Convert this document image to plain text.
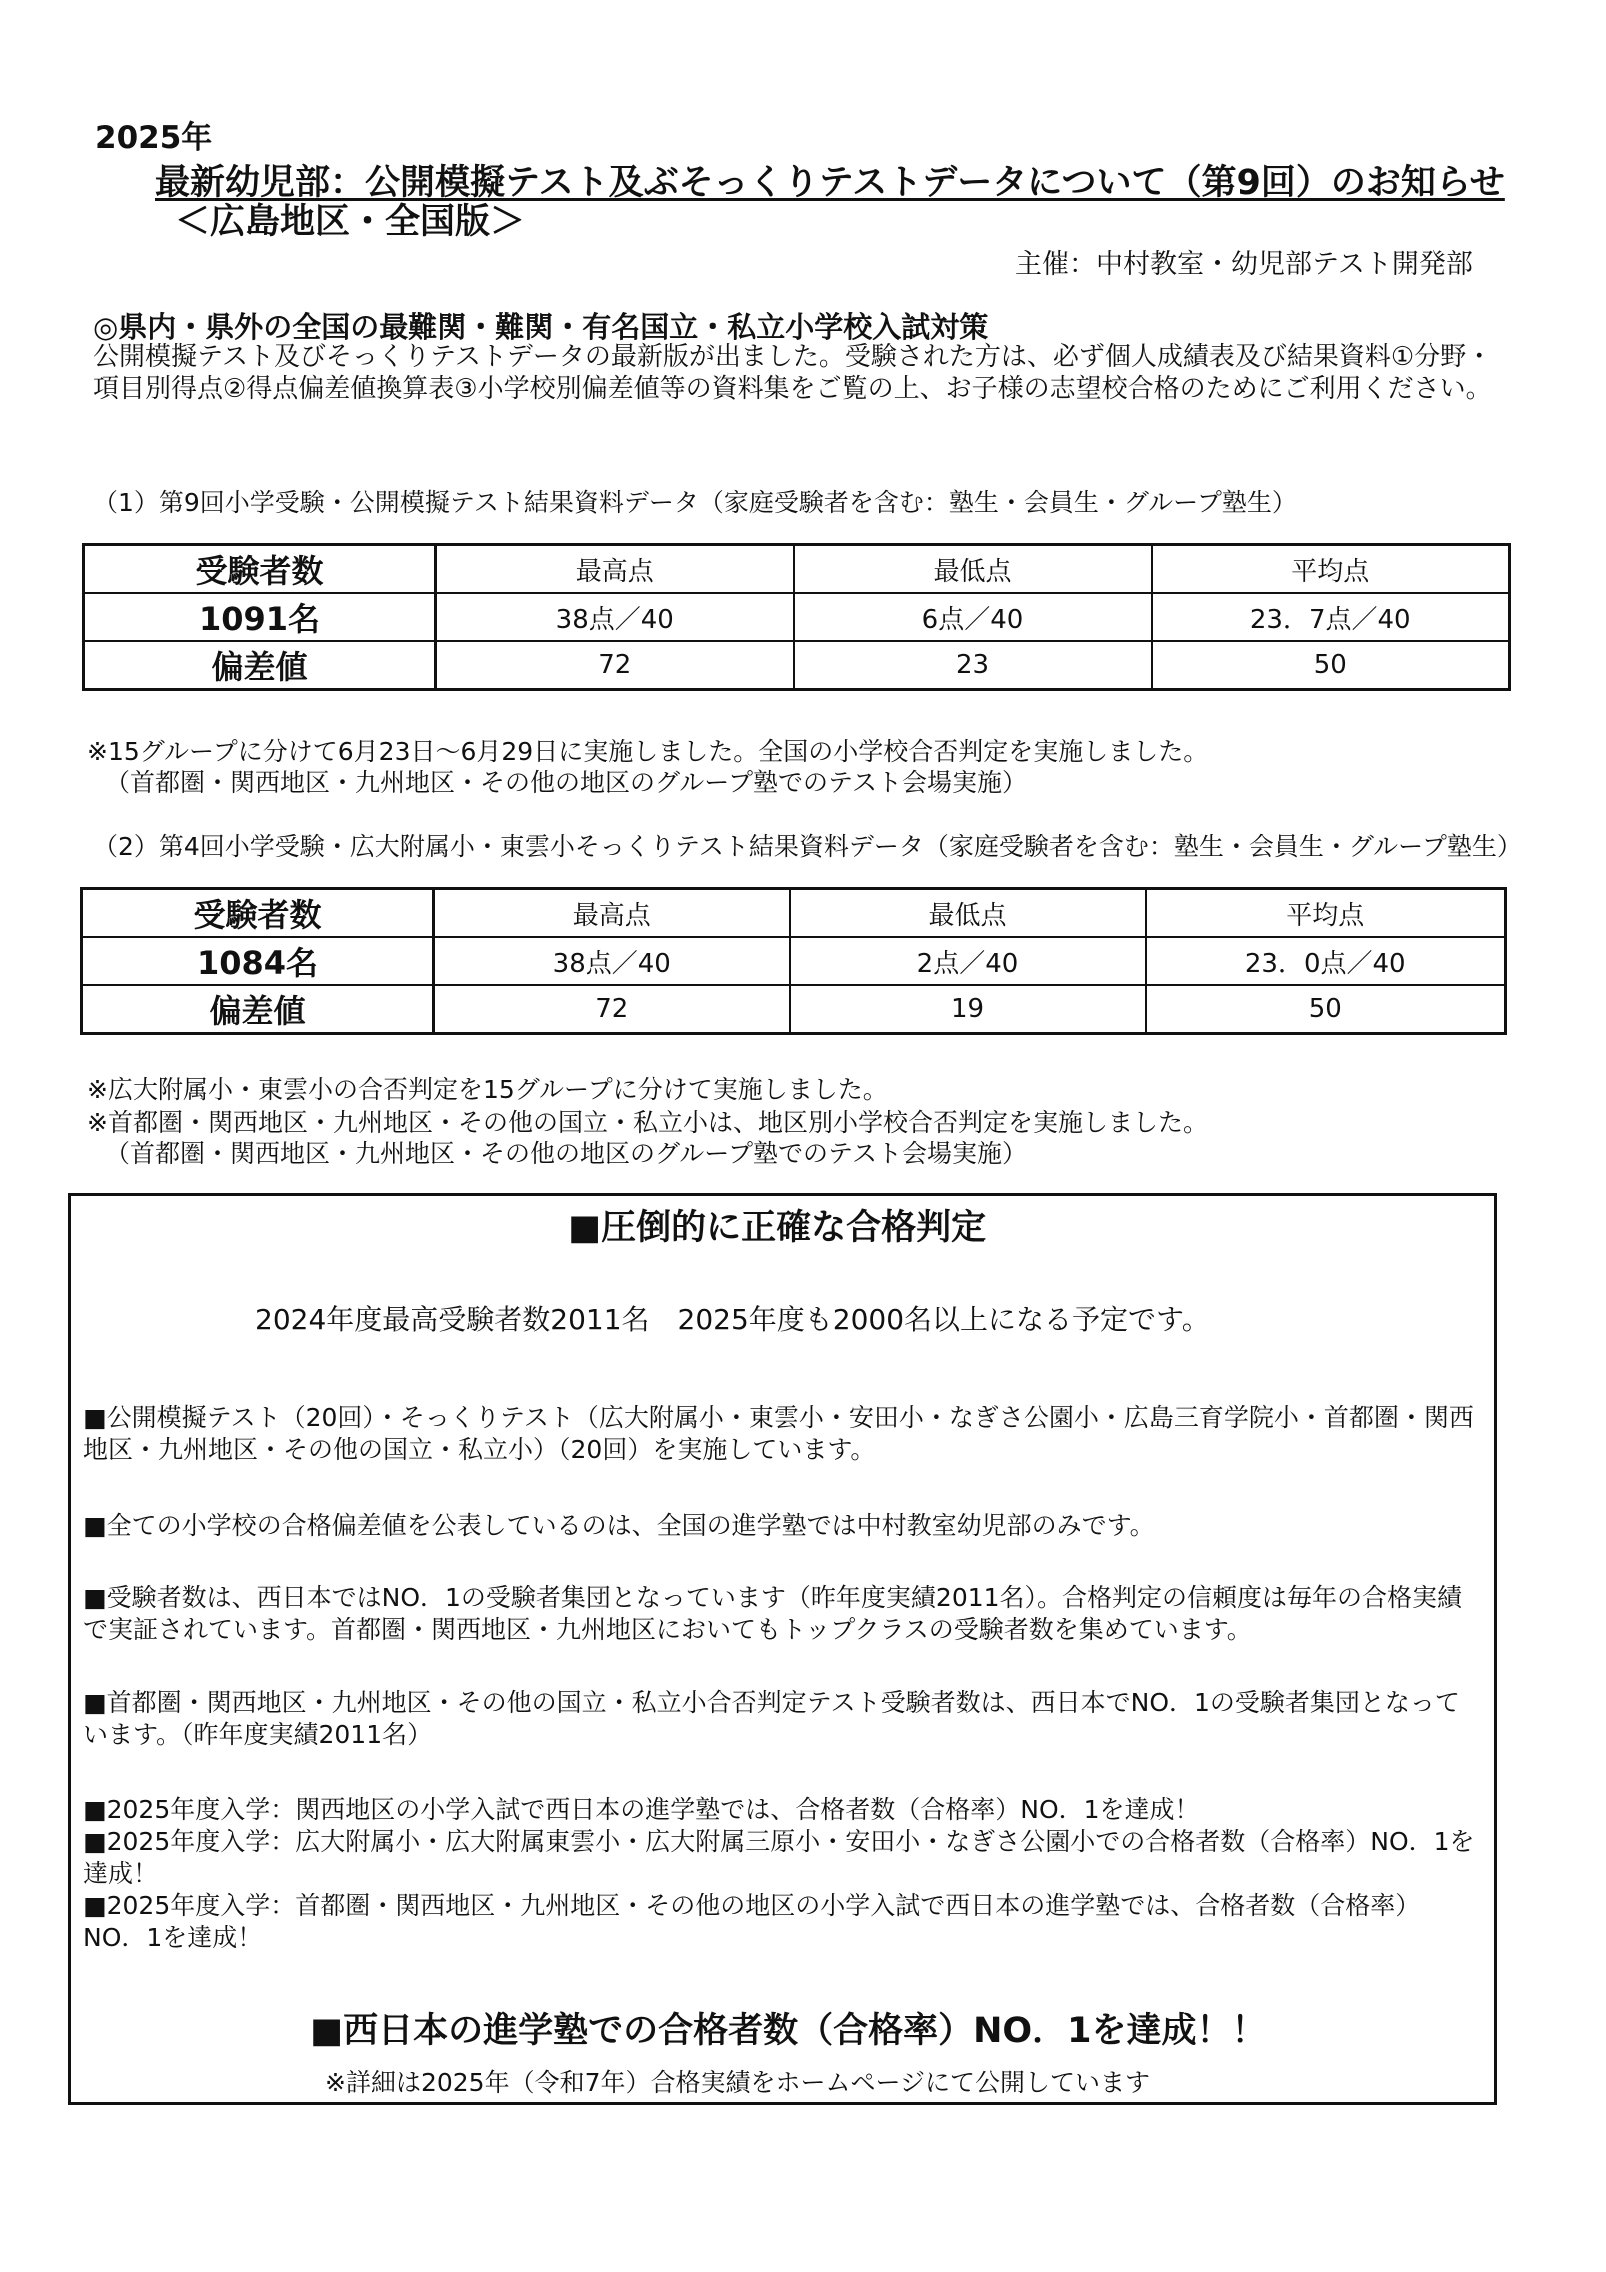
2025年
最新幼児部：公開模擬テスト及ぶそっくりテストデータについて（第9回）のお知らせ
＜広島地区・全国版＞
主催：中村教室・幼児部テスト開発部
◎県内・県外の全国の最難関・難関・有名国立・私立小学校入試対策
公開模擬テスト及びそっくりテストデータの最新版が出ました。受験された方は、必ず個人成績表及び結果資料①分野・項目別得点②得点偏差値換算表③小学校別偏差値等の資料集をご覧の上、お子様の志望校合格のためにご利用ください。
（1）第9回小学受験・公開模擬テスト結果資料データ（家庭受験者を含む：塾生・会員生・グループ塾生）
受験者数	最高点	最低点	平均点
1091名	38点／40	6点／40	23．7点／40
偏差値	72	23	50
※15グループに分けて6月23日～6月29日に実施しました。全国の小学校合否判定を実施しました。
（首都圏・関西地区・九州地区・その他の地区のグループ塾でのテスト会場実施）
（2）第4回小学受験・広大附属小・東雲小そっくりテスト結果資料データ（家庭受験者を含む：塾生・会員生・グループ塾生）
受験者数	最高点	最低点	平均点
1084名	38点／40	2点／40	23．0点／40
偏差値	72	19	50
※広大附属小・東雲小の合否判定を15グループに分けて実施しました。
※首都圏・関西地区・九州地区・その他の国立・私立小は、地区別小学校合否判定を実施しました。
（首都圏・関西地区・九州地区・その他の地区のグループ塾でのテスト会場実施）
■圧倒的に正確な合格判定
2024年度最高受験者数2011名　2025年度も2000名以上になる予定です。
■公開模擬テスト（20回）・そっくりテスト（広大附属小・東雲小・安田小・なぎさ公園小・広島三育学院小・首都圏・関西地区・九州地区・その他の国立・私立小）（20回）を実施しています。
■全ての小学校の合格偏差値を公表しているのは、全国の進学塾では中村教室幼児部のみです。
■受験者数は、西日本ではNO．1の受験者集団となっています（昨年度実績2011名）。合格判定の信頼度は毎年の合格実績で実証されています。首都圏・関西地区・九州地区においてもトップクラスの受験者数を集めています。
■首都圏・関西地区・九州地区・その他の国立・私立小合否判定テスト受験者数は、西日本でNO．1の受験者集団となっています。（昨年度実績2011名）
■2025年度入学：関西地区の小学入試で西日本の進学塾では、合格者数（合格率）NO．1を達成！
■2025年度入学：広大附属小・広大附属東雲小・広大附属三原小・安田小・なぎさ公園小での合格者数（合格率）NO．1を達成！
■2025年度入学：首都圏・関西地区・九州地区・その他の地区の小学入試で西日本の進学塾では、合格者数（合格率）NO．1を達成！
■西日本の進学塾での合格者数（合格率）NO．1を達成！！
※詳細は2025年（令和7年）合格実績をホームページにて公開しています
